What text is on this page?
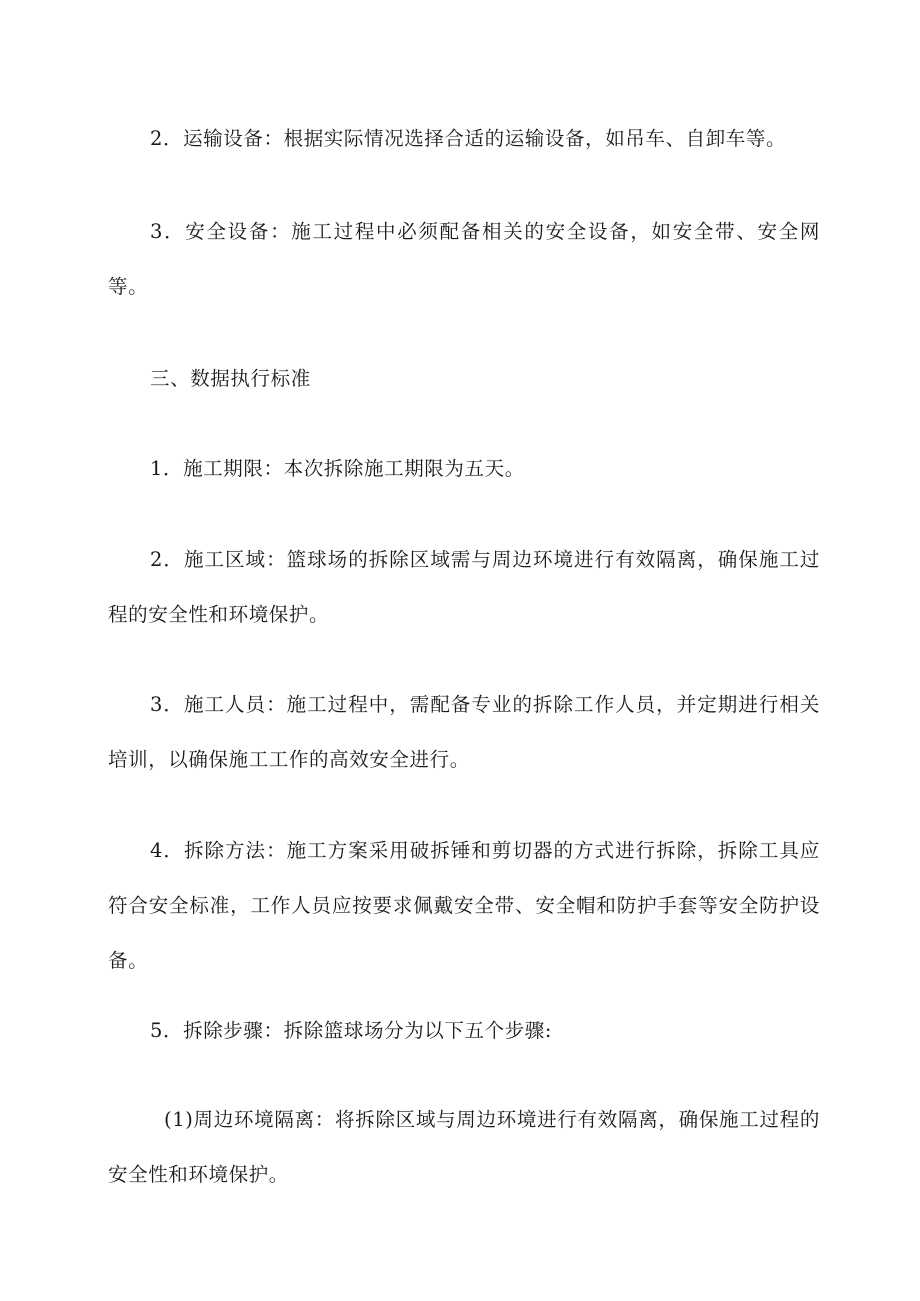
2．运输设备：根据实际情况选择合适的运输设备，如吊车、自卸车等。

3．安全设备：施工过程中必须配备相关的安全设备，如安全带、安全网等。

三、数据执行标准

1．施工期限：本次拆除施工期限为五天。

2．施工区域：篮球场的拆除区域需与周边环境进行有效隔离，确保施工过程的安全性和环境保护。

3．施工人员：施工过程中，需配备专业的拆除工作人员，并定期进行相关培训，以确保施工工作的高效安全进行。

4．拆除方法：施工方案采用破拆锤和剪切器的方式进行拆除，拆除工具应符合安全标准，工作人员应按要求佩戴安全带、安全帽和防护手套等安全防护设备。

5．拆除步骤：拆除篮球场分为以下五个步骤:

(1)周边环境隔离：将拆除区域与周边环境进行有效隔离，确保施工过程的安全性和环境保护。
